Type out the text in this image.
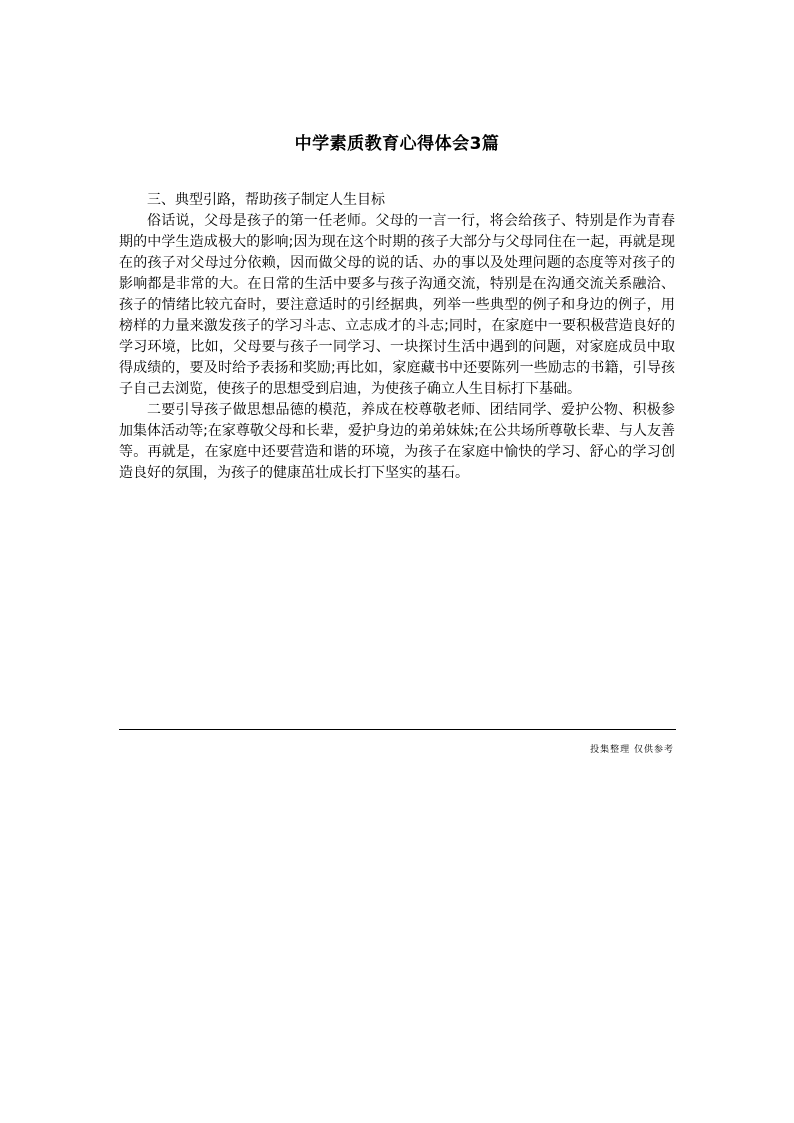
中学素质教育心得体会3篇

三、典型引路，帮助孩子制定人生目标

俗话说，父母是孩子的第一任老师。父母的一言一行，将会给孩子、特别是作为青春期的中学生造成极大的影响;因为现在这个时期的孩子大部分与父母同住在一起，再就是现在的孩子对父母过分依赖，因而做父母的说的话、办的事以及处理问题的态度等对孩子的影响都是非常的大。在日常的生活中要多与孩子沟通交流，特别是在沟通交流关系融洽、孩子的情绪比较亢奋时，要注意适时的引经据典，列举一些典型的例子和身边的例子，用榜样的力量来激发孩子的学习斗志、立志成才的斗志;同时，在家庭中一要积极营造良好的学习环境，比如，父母要与孩子一同学习、一块探讨生活中遇到的问题，对家庭成员中取得成绩的，要及时给予表扬和奖励;再比如，家庭藏书中还要陈列一些励志的书籍，引导孩子自己去浏览，使孩子的思想受到启迪，为使孩子确立人生目标打下基础。

二要引导孩子做思想品德的模范，养成在校尊敬老师、团结同学、爱护公物、积极参加集体活动等;在家尊敬父母和长辈，爱护身边的弟弟妹妹;在公共场所尊敬长辈、与人友善等。再就是，在家庭中还要营造和谐的环境，为孩子在家庭中愉快的学习、舒心的学习创造良好的氛围，为孩子的健康茁壮成长打下坚实的基石。

投集整理 仅供参考
